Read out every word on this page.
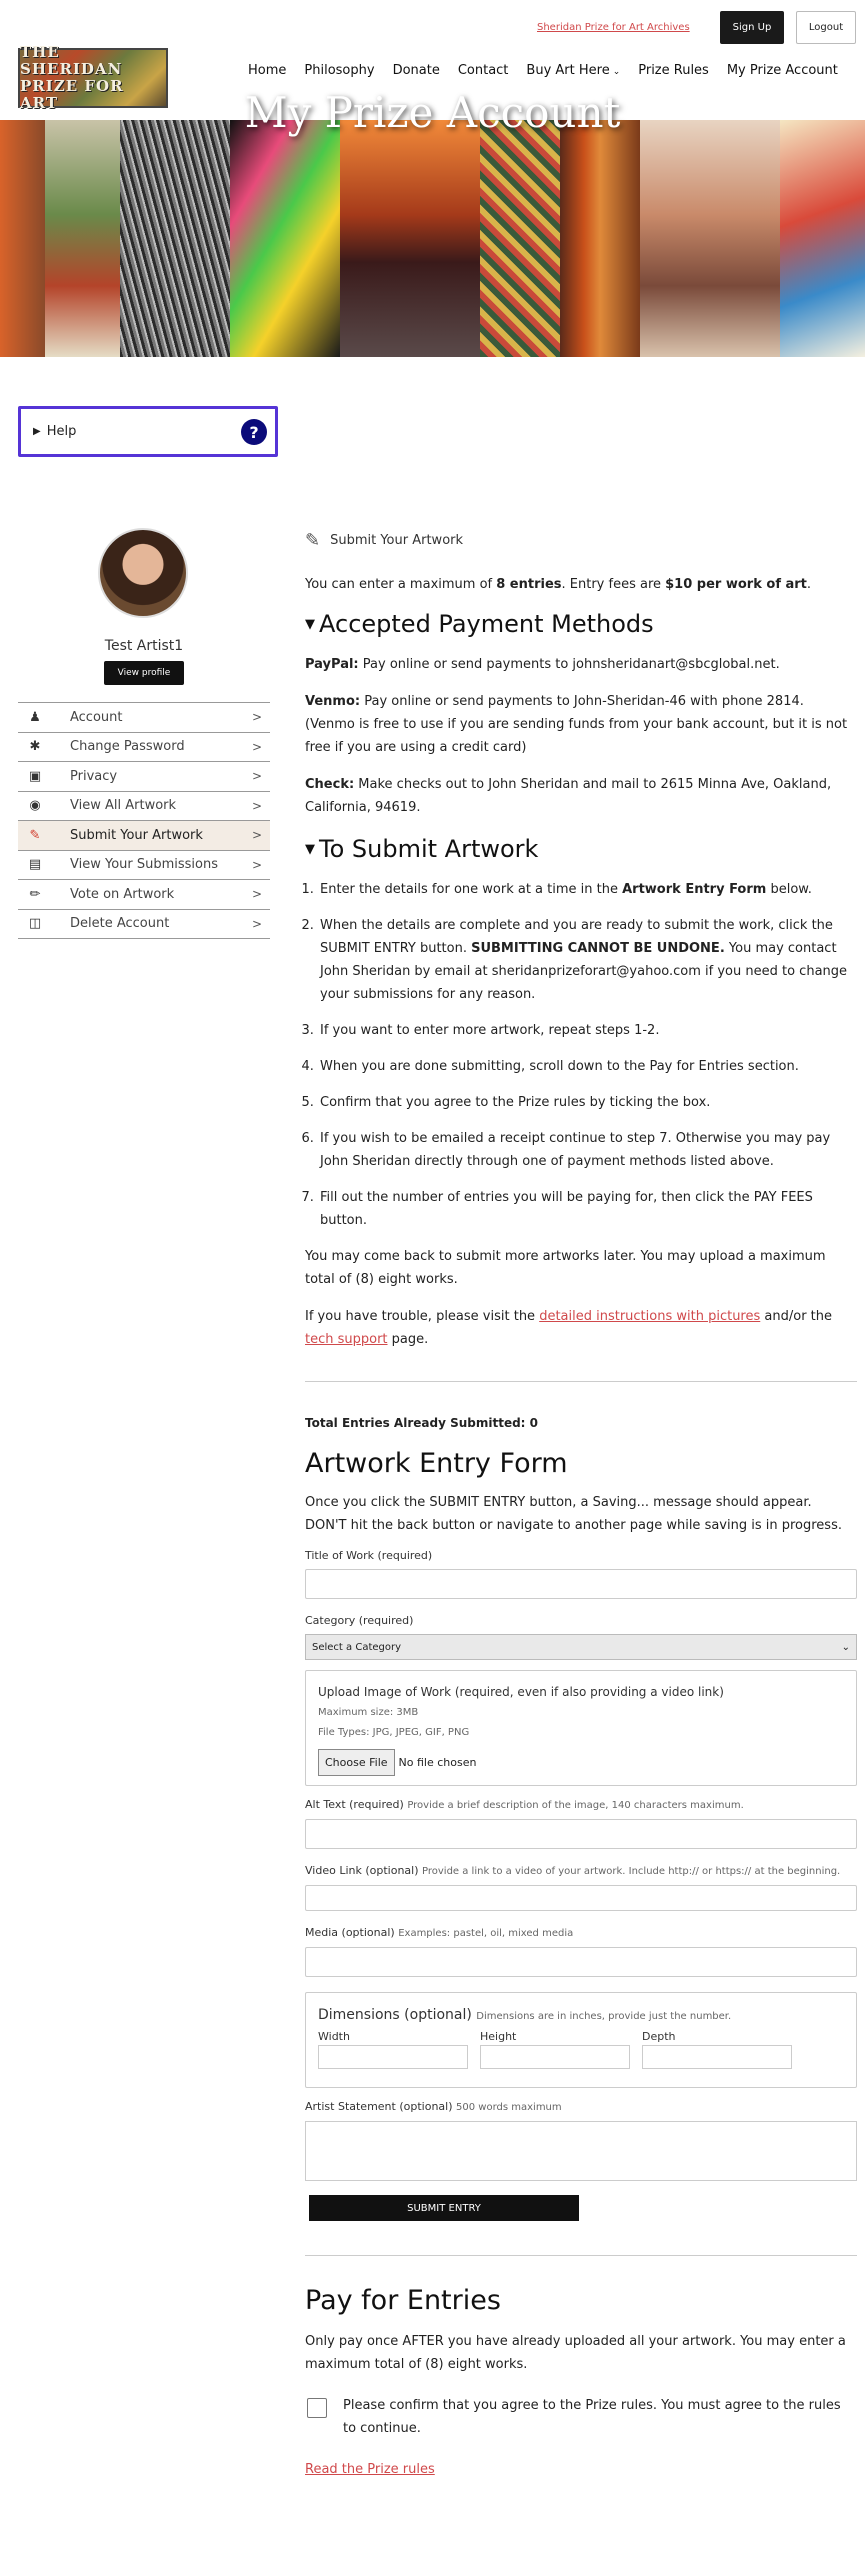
Sheridan Prize for Art Archives	Sign Up	Logout
THE SHERIDAN
PRIZE FOR ART
Home Philosophy Donate Contact Buy Art Here ⌄ Prize Rules My Prize Account
My Prize Account
▶ Help	?
Test Artist1
View profile
♟	Account	>
✱	Change Password	>
▣	Privacy	>
◉	View All Artwork	>
✎	Submit Your Artwork	>
▤	View Your Submissions	>
✏	Vote on Artwork	>
◫	Delete Account	>
✎ Submit Your Artwork
You can enter a maximum of 8 entries. Entry fees are $10 per work of art.
▼ Accepted Payment Methods
PayPal: Pay online or send payments to johnsheridanart@sbcglobal.net.
Venmo: Pay online or send payments to John-Sheridan-46 with phone 2814. (Venmo is free to use if you are sending funds from your bank account, but it is not free if you are using a credit card)
Check: Make checks out to John Sheridan and mail to 2615 Minna Ave, Oakland, California, 94619.
▼ To Submit Artwork
1. Enter the details for one work at a time in the Artwork Entry Form below.
2. When the details are complete and you are ready to submit the work, click the SUBMIT ENTRY button. SUBMITTING CANNOT BE UNDONE. You may contact John Sheridan by email at sheridanprizeforart@yahoo.com if you need to change your submissions for any reason.
3. If you want to enter more artwork, repeat steps 1-2.
4. When you are done submitting, scroll down to the Pay for Entries section.
5. Confirm that you agree to the Prize rules by ticking the box.
6. If you wish to be emailed a receipt continue to step 7. Otherwise you may pay John Sheridan directly through one of payment methods listed above.
7. Fill out the number of entries you will be paying for, then click the PAY FEES button.
You may come back to submit more artworks later. You may upload a maximum total of (8) eight works.
If you have trouble, please visit the detailed instructions with pictures and/or the tech support page.
Total Entries Already Submitted: 0
Artwork Entry Form
Once you click the SUBMIT ENTRY button, a Saving... message should appear. DON'T hit the back button or navigate to another page while saving is in progress.
Title of Work (required)
Category (required)
Select a Category	⌄
Upload Image of Work (required, even if also providing a video link)
Maximum size: 3MB
File Types: JPG, JPEG, GIF, PNG
Choose File	No file chosen
Alt Text (required) Provide a brief description of the image, 140 characters maximum.
Video Link (optional) Provide a link to a video of your artwork. Include http:// or https:// at the beginning.
Media (optional) Examples: pastel, oil, mixed media
Dimensions (optional) Dimensions are in inches, provide just the number.
Width	Height	Depth
Artist Statement (optional) 500 words maximum
SUBMIT ENTRY
Pay for Entries
Only pay once AFTER you have already uploaded all your artwork. You may enter a maximum total of (8) eight works.
Please confirm that you agree to the Prize rules. You must agree to the rules to continue.
Read the Prize rules
